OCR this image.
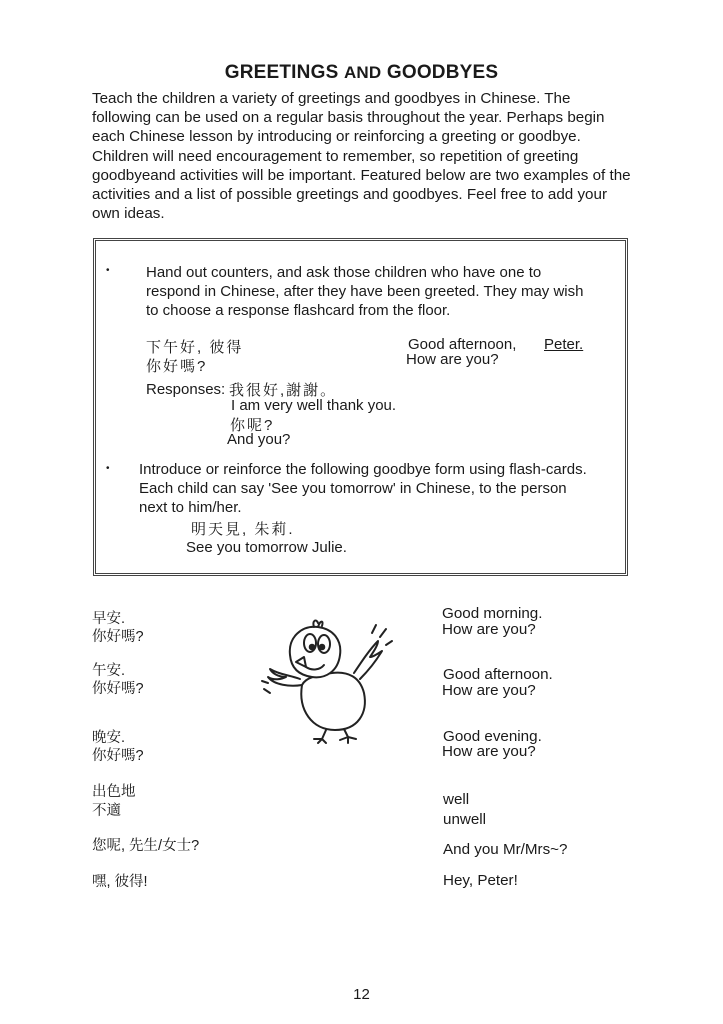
GREETINGS AND GOODBYES
Teach the children a variety of greetings and goodbyes in Chinese. The following can be used on a regular basis throughout the year. Perhaps begin each Chinese lesson by introducing or reinforcing a greeting or goodbye. Children will need encouragement to remember, so repetition of greeting goodbyeand activities will be important. Featured below are two examples of the activities and a list of possible greetings and goodbyes. Feel free to add your own ideas.
• Hand out counters, and ask those children who have one to respond in Chinese, after they have been greeted. They may wish to choose a response flashcard from the floor.
下午好, 彼得
你好嗎?
Good afternoon, Peter.
How are you?
Responses: 我很好,謝謝。
I am very well thank you.
你呢?
And you?
• Introduce or reinforce the following goodbye form using flash-cards. Each child can say 'See you tomorrow' in Chinese, to the person next to him/her.
明天見, 朱莉.
See you tomorrow Julie.
早安.
你好嗎?
午安.
你好嗎?
晚安.
你好嗎?
出色地
不適
您呢, 先生/女士?
嘿, 彼得!
Good morning.
How are you?
Good afternoon.
How are you?
Good evening.
How are you?
well
unwell
And you Mr/Mrs~?
Hey, Peter!
12
